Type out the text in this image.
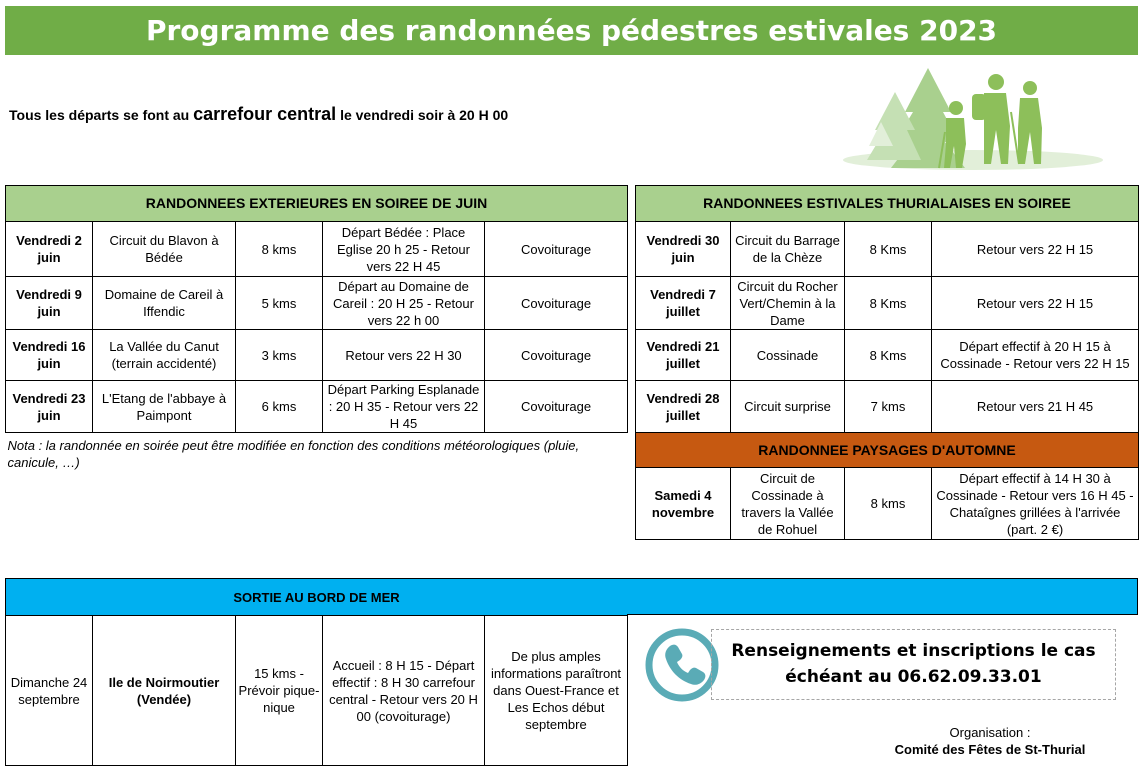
Programme des randonnées pédestres estivales 2023
Tous les départs se font au carrefour central le vendredi soir à 20 H 00
RANDONNEES EXTERIEURES EN SOIREE DE JUIN				
Vendredi 2 juin	Circuit du Blavon à Bédée	8 kms	Départ Bédée : Place Eglise 20 h 25 - Retour vers 22 H 45	Covoiturage
Vendredi 9 juin	Domaine de Careil à Iffendic	5 kms	Départ au Domaine de Careil : 20 H 25 - Retour vers 22 h 00	Covoiturage
Vendredi 16 juin	La Vallée du Canut (terrain accidenté)	3 kms	Retour vers 22 H 30	Covoiturage
Vendredi 23 juin	L'Etang de l'abbaye à Paimpont	6 kms	Départ Parking Esplanade : 20 H 35 - Retour vers 22 H 45	Covoiturage
Nota : la randonnée en soirée peut être modifiée en fonction des conditions météorologiques (pluie, canicule, …)				
RANDONNEES ESTIVALES THURIALAISES EN SOIREE			
Vendredi 30 juin	Circuit du Barrage de la Chèze	8 Kms	Retour vers 22 H 15
Vendredi 7 juillet	Circuit du Rocher Vert/Chemin à la Dame	8 Kms	Retour vers 22 H 15
Vendredi 21 juillet	Cossinade	8 Kms	Départ effectif à 20 H 15 à Cossinade - Retour vers 22 H 15
Vendredi 28 juillet	Circuit surprise	7 kms	Retour vers 21 H 45
RANDONNEE PAYSAGES D'AUTOMNE			
Samedi 4 novembre	Circuit de Cossinade à travers la Vallée de Rohuel	8 kms	Départ effectif à 14 H 30 à Cossinade - Retour vers 16 H 45 - Chataîgnes grillées à l'arrivée (part. 2 €)
SORTIE AU BORD DE MER
Dimanche 24 septembre	Ile de Noirmoutier (Vendée)	15 kms - Prévoir pique-nique	Accueil : 8 H 15 - Départ effectif : 8 H 30 carrefour central - Retour vers 20 H 00 (covoiturage)	De plus amples informations paraîtront dans Ouest-France et Les Echos début septembre
Renseignements et inscriptions le cas
échéant au 06.62.09.33.01
Organisation :
Comité des Fêtes de St-Thurial
